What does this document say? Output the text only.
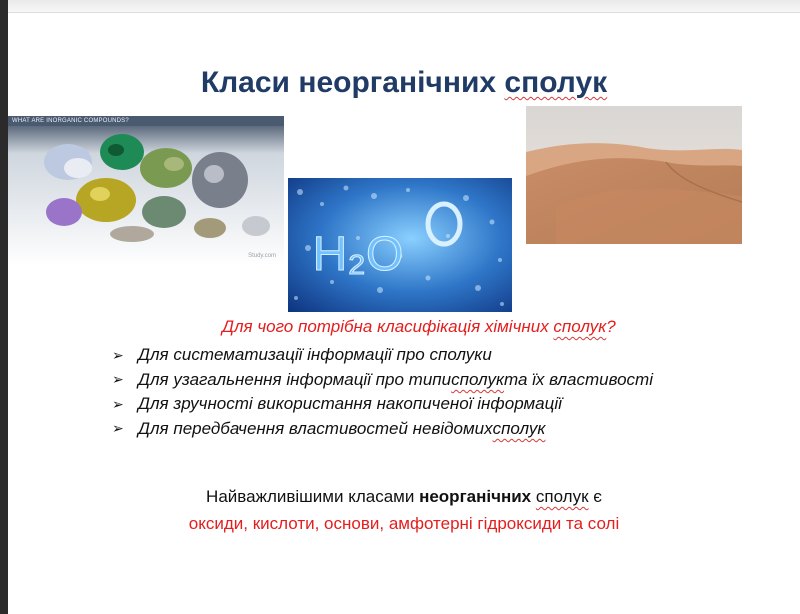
Класи неорганічних сполук
WHAT ARE INORGANIC COMPOUNDS?
Study.com H₂O
Для чого потрібна класифікація хімічних сполук?
➢ Для систематизації інформації про сполуки
➢ Для узагальнення інформації про типи сполук та їх властивості
➢ Для зручності використання накопиченої інформації
➢ Для передбачення властивостей невідомих сполук
Найважливішими класами неорганічних сполук є
оксиди, кислоти, основи, амфотерні гідроксиди та солі
